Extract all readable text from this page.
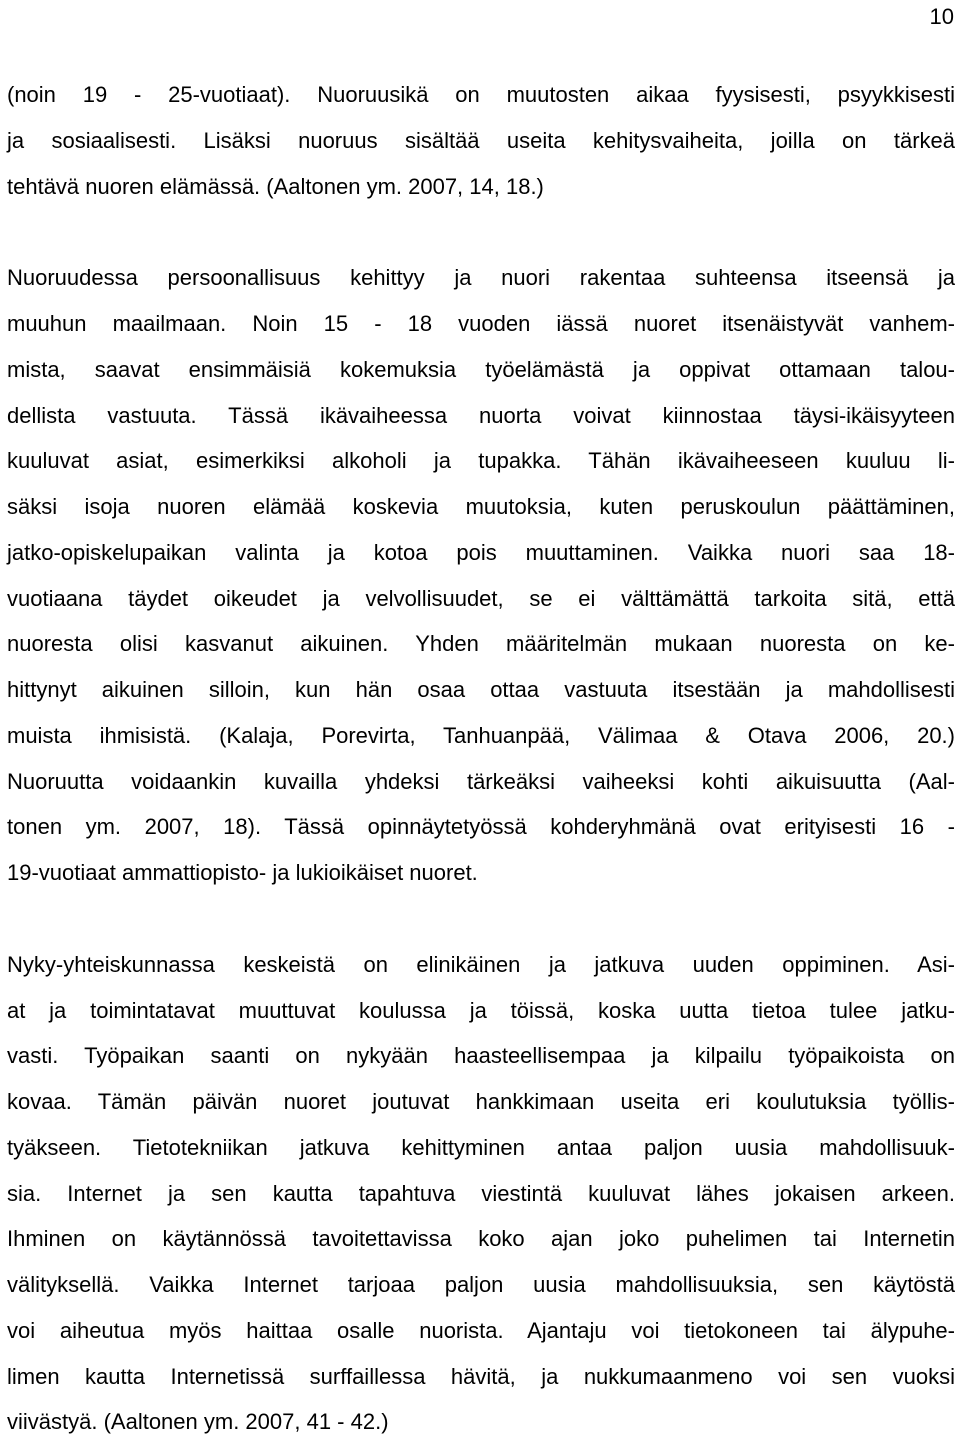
10

(noin 19 - 25-vuotiaat). Nuoruusikä on muutosten aikaa fyysisesti, psyykkisesti

ja sosiaalisesti. Lisäksi nuoruus sisältää useita kehitysvaiheita, joilla on tärkeä

tehtävä nuoren elämässä. (Aaltonen ym. 2007, 14, 18.)

Nuoruudessa persoonallisuus kehittyy ja nuori rakentaa suhteensa itseensä ja

muuhun maailmaan. Noin 15 - 18 vuoden iässä nuoret itsenäistyvät vanhem-

mista, saavat ensimmäisiä kokemuksia työelämästä ja oppivat ottamaan talou-

dellista vastuuta. Tässä ikävaiheessa nuorta voivat kiinnostaa täysi-ikäisyyteen

kuuluvat asiat, esimerkiksi alkoholi ja tupakka. Tähän ikävaiheeseen kuuluu li-

säksi isoja nuoren elämää koskevia muutoksia, kuten peruskoulun päättäminen,

jatko-opiskelupaikan valinta ja kotoa pois muuttaminen. Vaikka nuori saa 18-

vuotiaana täydet oikeudet ja velvollisuudet, se ei välttämättä tarkoita sitä, että

nuoresta olisi kasvanut aikuinen. Yhden määritelmän mukaan nuoresta on ke-

hittynyt aikuinen silloin, kun hän osaa ottaa vastuuta itsestään ja mahdollisesti

muista ihmisistä. (Kalaja, Porevirta, Tanhuanpää, Välimaa & Otava 2006, 20.)

Nuoruutta voidaankin kuvailla yhdeksi tärkeäksi vaiheeksi kohti aikuisuutta (Aal-

tonen ym. 2007, 18). Tässä opinnäytetyössä kohderyhmänä ovat erityisesti 16 -

19-vuotiaat ammattiopisto- ja lukioikäiset nuoret.

Nyky-yhteiskunnassa keskeistä on elinikäinen ja jatkuva uuden oppiminen. Asi-

at ja toimintatavat muuttuvat koulussa ja töissä, koska uutta tietoa tulee jatku-

vasti. Työpaikan saanti on nykyään haasteellisempaa ja kilpailu työpaikoista on

kovaa. Tämän päivän nuoret joutuvat hankkimaan useita eri koulutuksia työllis-

tyäkseen. Tietotekniikan jatkuva kehittyminen antaa paljon uusia mahdollisuuk-

sia. Internet ja sen kautta tapahtuva viestintä kuuluvat lähes jokaisen arkeen.

Ihminen on käytännössä tavoitettavissa koko ajan joko puhelimen tai Internetin

välityksellä. Vaikka Internet tarjoaa paljon uusia mahdollisuuksia, sen käytöstä

voi aiheutua myös haittaa osalle nuorista. Ajantaju voi tietokoneen tai älypuhe-

limen kautta Internetissä surffaillessa hävitä, ja nukkumaanmeno voi sen vuoksi

viivästyä. (Aaltonen ym. 2007, 41 - 42.)
